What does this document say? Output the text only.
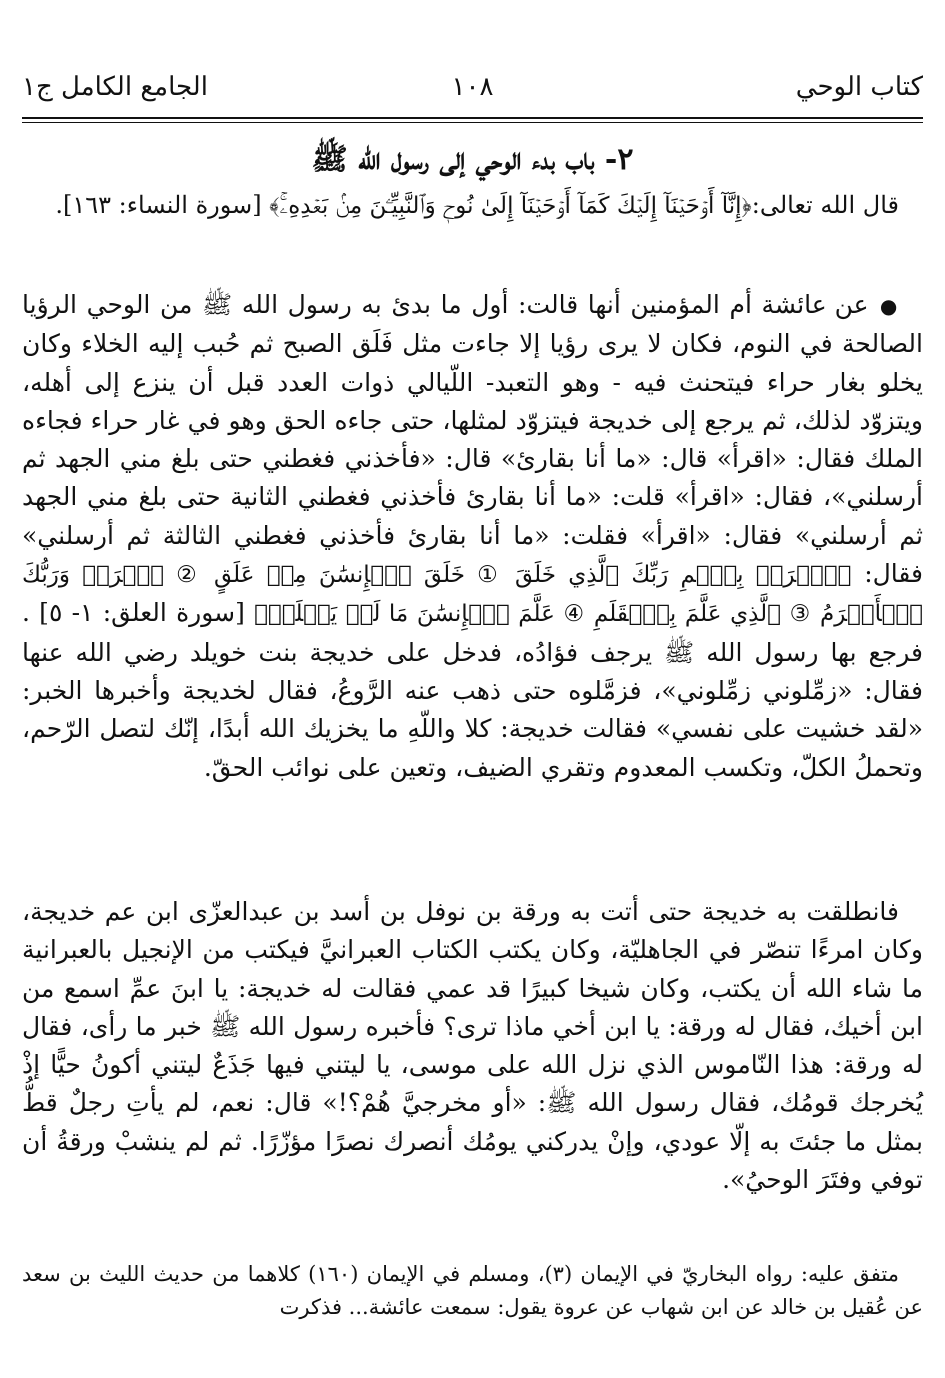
كتاب الوحي
١٠٨
الجامع الكامل ج١
٢- باب بدء الوحي إلى رسول الله ﷺ
قال الله تعالى:﴿إِنَّآ أَوۡحَيۡنَآ إِلَيۡكَ كَمَآ أَوۡحَيۡنَآ إِلَىٰ نُوحٖ وَٱلنَّبِيِّـۧنَ مِنۢ بَعۡدِهِۦۚ﴾ [سورة النساء: ١٦٣].
● عن عائشة أم المؤمنين أنها قالت: أول ما بدئ به رسول الله ﷺ من الوحي الرؤيا الصالحة في النوم، فكان لا يرى رؤيا إلا جاءت مثل فَلَق الصبح ثم حُبب إليه الخلاء وكان يخلو بغار حراء فيتحنث فيه - وهو التعبد- اللّيالي ذوات العدد قبل أن ينزع إلى أهله، ويتزوّد لذلك، ثم يرجع إلى خديجة فيتزوّد لمثلها، حتى جاءه الحق وهو في غار حراء فجاءه الملك فقال: «اقرأ» قال: «ما أنا بقارئ» قال: «فأخذني فغطني حتى بلغ مني الجهد ثم أرسلني»، فقال: «اقرأ» قلت: «ما أنا بقارئ فأخذني فغطني الثانية حتى بلغ مني الجهد ثم أرسلني» فقال: «اقرأ» فقلت: «ما أنا بقارئ فأخذني فغطني الثالثة ثم أرسلني» فقال: ﴿ٱقۡرَأۡ بِٱسۡمِ رَبِّكَ ٱلَّذِي خَلَقَ ① خَلَقَ ٱلۡإِنسَٰنَ مِنۡ عَلَقٍ ② ٱقۡرَأۡ وَرَبُّكَ ٱلۡأَكۡرَمُ ③ ٱلَّذِي عَلَّمَ بِٱلۡقَلَمِ ④ عَلَّمَ ٱلۡإِنسَٰنَ مَا لَمۡ يَعۡلَمۡ﴾ [سورة العلق: ١- ٥] . فرجع بها رسول الله ﷺ يرجف فؤادُه، فدخل على خديجة بنت خويلد رضي الله عنها فقال: «زمِّلوني زمِّلوني»، فزمَّلوه حتى ذهب عنه الرَّوعُ، فقال لخديجة وأخبرها الخبر: «لقد خشيت على نفسي» فقالت خديجة: كلا واللّهِ ما يخزيك الله أبدًا، إنّك لتصل الرّحم، وتحملُ الكلّ، وتكسب المعدوم وتقري الضيف، وتعين على نوائب الحقّ.
فانطلقت به خديجة حتى أتت به ورقة بن نوفل بن أسد بن عبدالعزّى ابن عم خديجة، وكان امرءًا تنصّر في الجاهليّة، وكان يكتب الكتاب العبرانيَّ فيكتب من الإنجيل بالعبرانية ما شاء الله أن يكتب، وكان شيخا كبيرًا قد عمي فقالت له خديجة: يا ابنَ عمِّ اسمع من ابن أخيك، فقال له ورقة: يا ابن أخي ماذا ترى؟ فأخبره رسول الله ﷺ خبر ما رأى، فقال له ورقة: هذا النّاموس الذي نزل الله على موسى، يا ليتني فيها جَذَعٌ ليتني أكونُ حيًّا إذْ يُخرجك قومُك، فقال رسول الله ﷺ: «أو مخرجيَّ هُمْ؟!» قال: نعم، لم يأتِ رجلٌ قطُّ بمثل ما جئتَ به إلّا عودي، وإنْ يدركني يومُك أنصرك نصرًا مؤزّرًا. ثم لم ينشبْ ورقةُ أن توفي وفتَرَ الوحيُ».
متفق عليه: رواه البخاريّ في الإيمان (٣)، ومسلم في الإيمان (١٦٠) كلاهما من حديث الليث بن سعد عن عُقيل بن خالد عن ابن شهاب عن عروة يقول: سمعت عائشة... فذكرت
